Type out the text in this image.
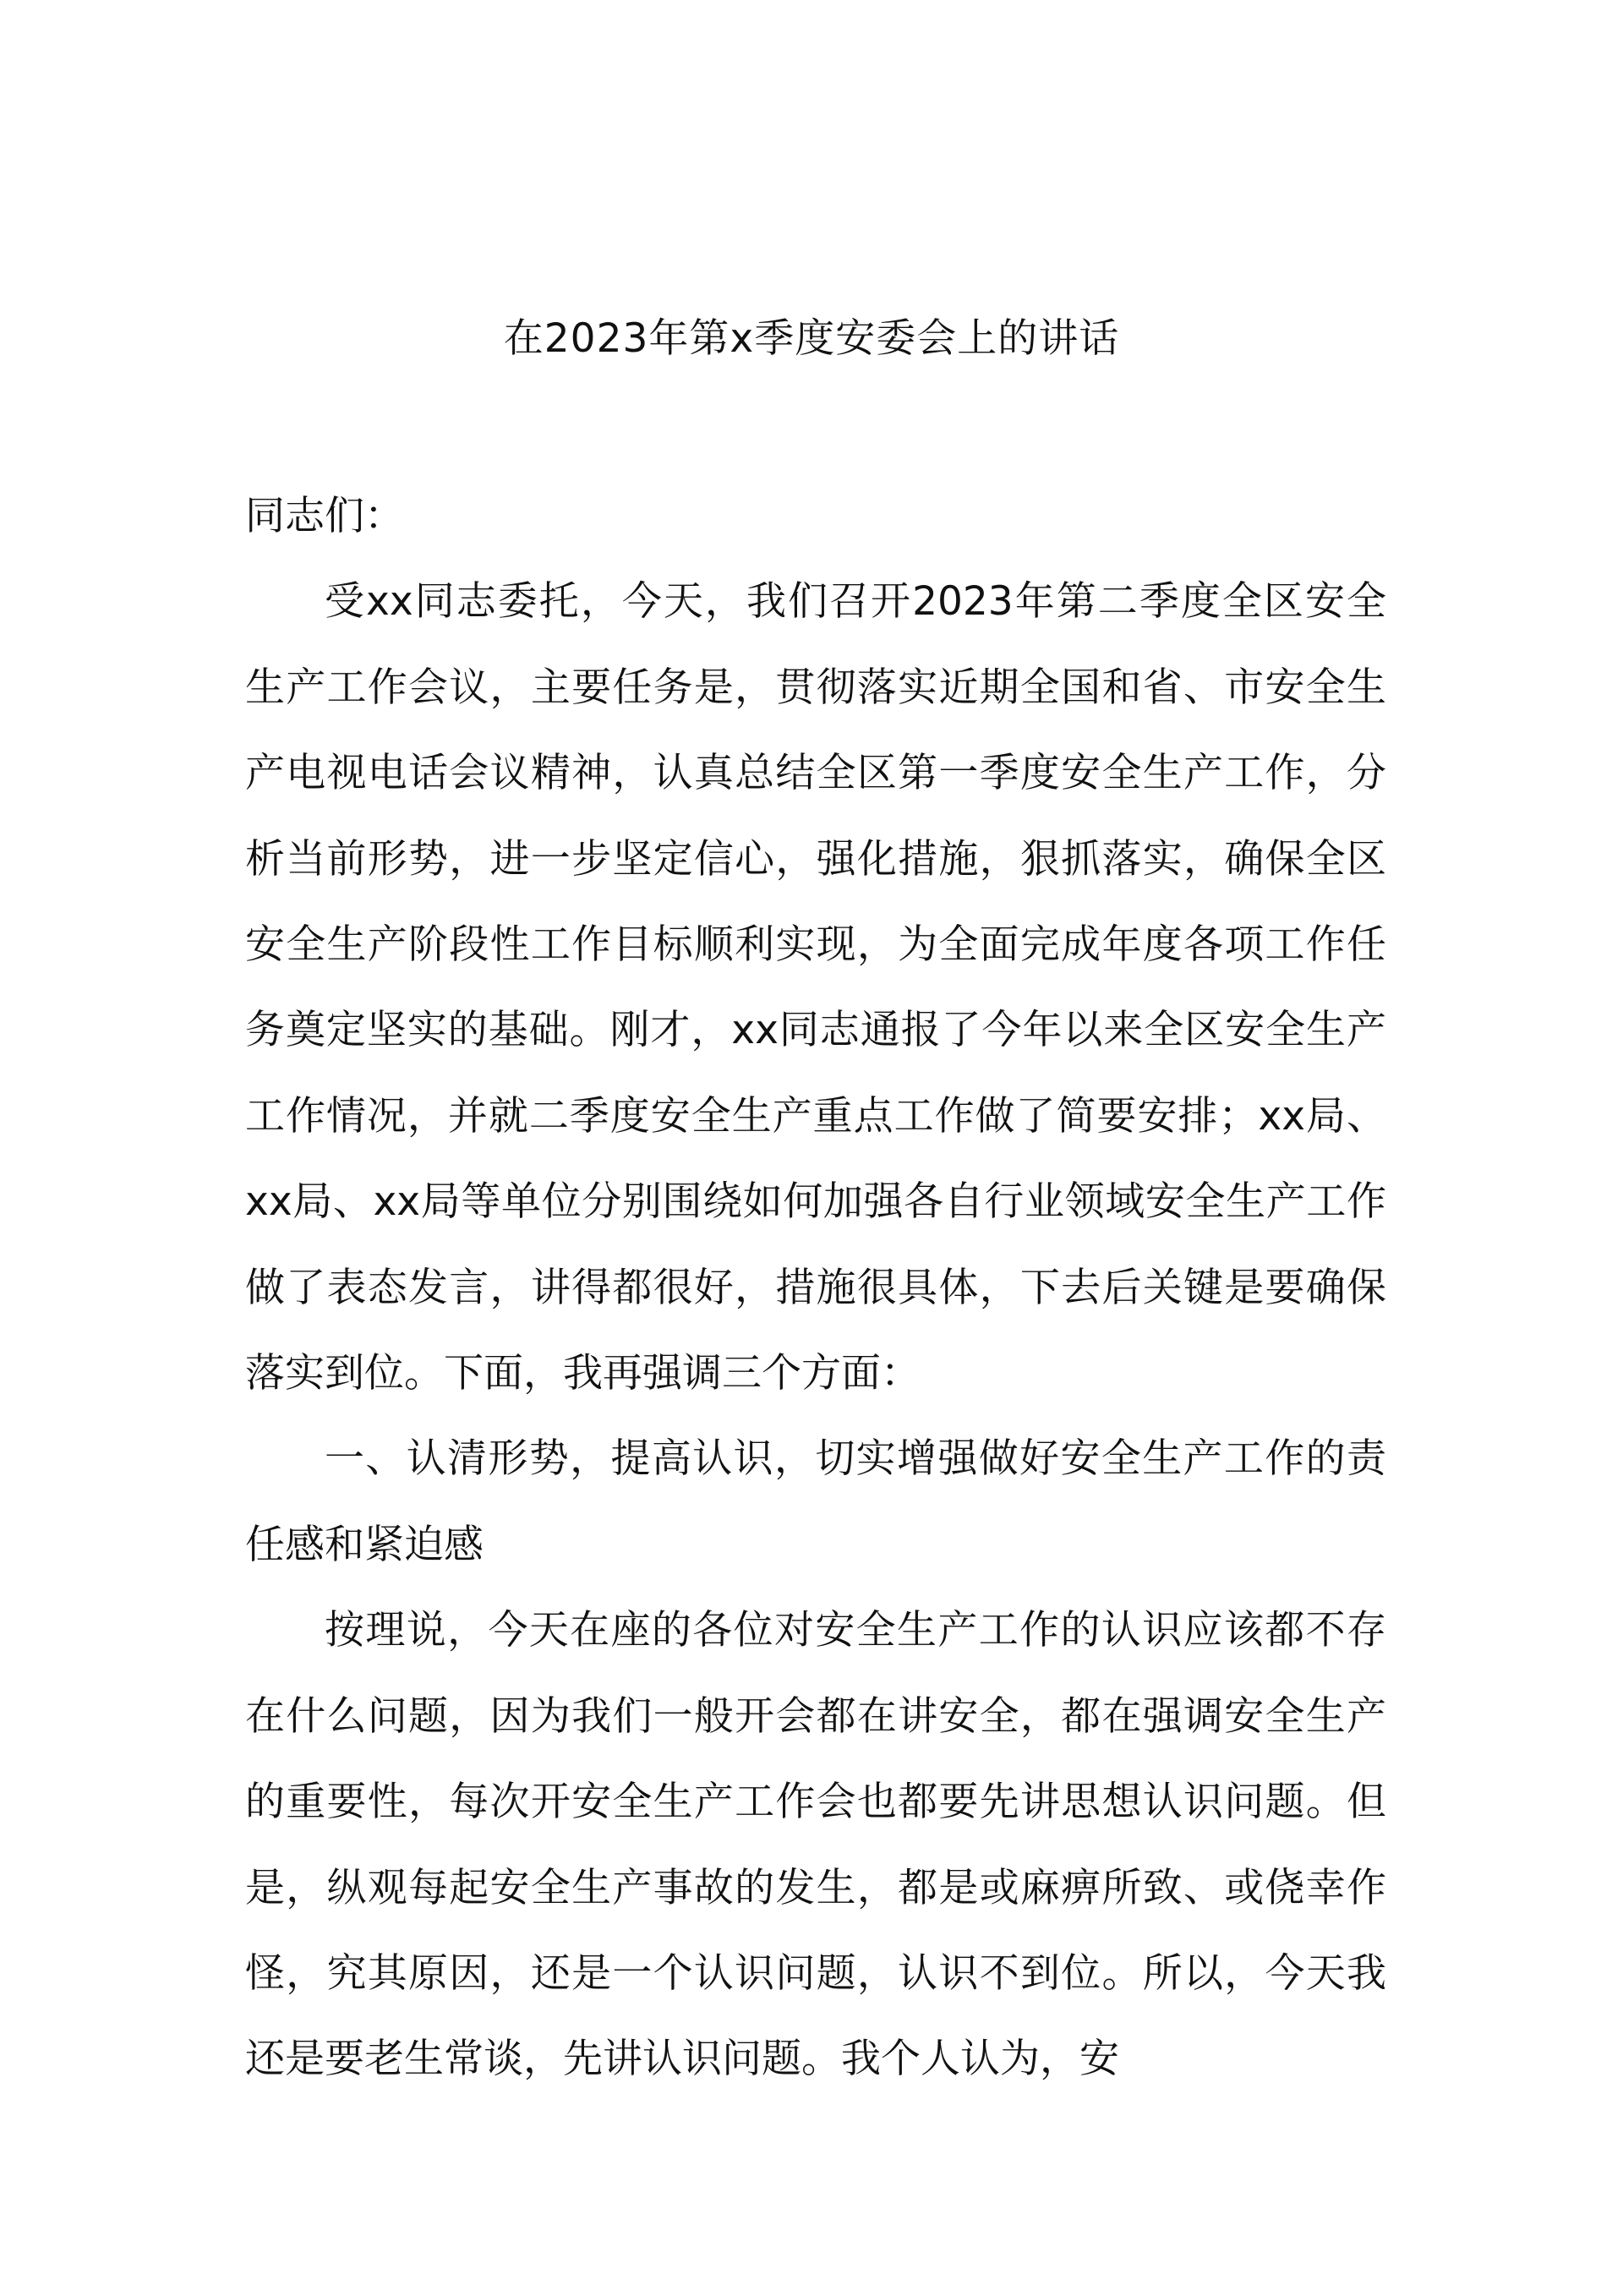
在2023年第x季度安委会上的讲话

同志们：

受xx同志委托，今天，我们召开2023年第二季度全区安全生产工作会议，主要任务是，贯彻落实近期全国和省、市安全生产电视电话会议精神，认真总结全区第一季度安全生产工作，分析当前形势，进一步坚定信心，强化措施，狠抓落实，确保全区安全生产阶段性工作目标顺利实现，为全面完成年度各项工作任务奠定坚实的基础。刚才，xx同志通报了今年以来全区安全生产工作情况，并就二季度安全生产重点工作做了简要安排；xx局、xx局、xx局等单位分别围绕如何加强各自行业领域安全生产工作做了表态发言，讲得都很好，措施很具体，下去后关键是要确保落实到位。下面，我再强调三个方面：

一、认清形势，提高认识，切实增强做好安全生产工作的责任感和紧迫感

按理说，今天在座的各位对安全生产工作的认识应该都不存在什么问题，因为我们一般开会都在讲安全，都在强调安全生产的重要性，每次开安全生产工作会也都要先讲思想认识问题。但是，纵观每起安全生产事故的发生，都是或麻痹所致、或侥幸作怪，究其原因，还是一个认识问题，认识不到位。所以，今天我还是要老生常谈，先讲认识问题。我个人认为，安
